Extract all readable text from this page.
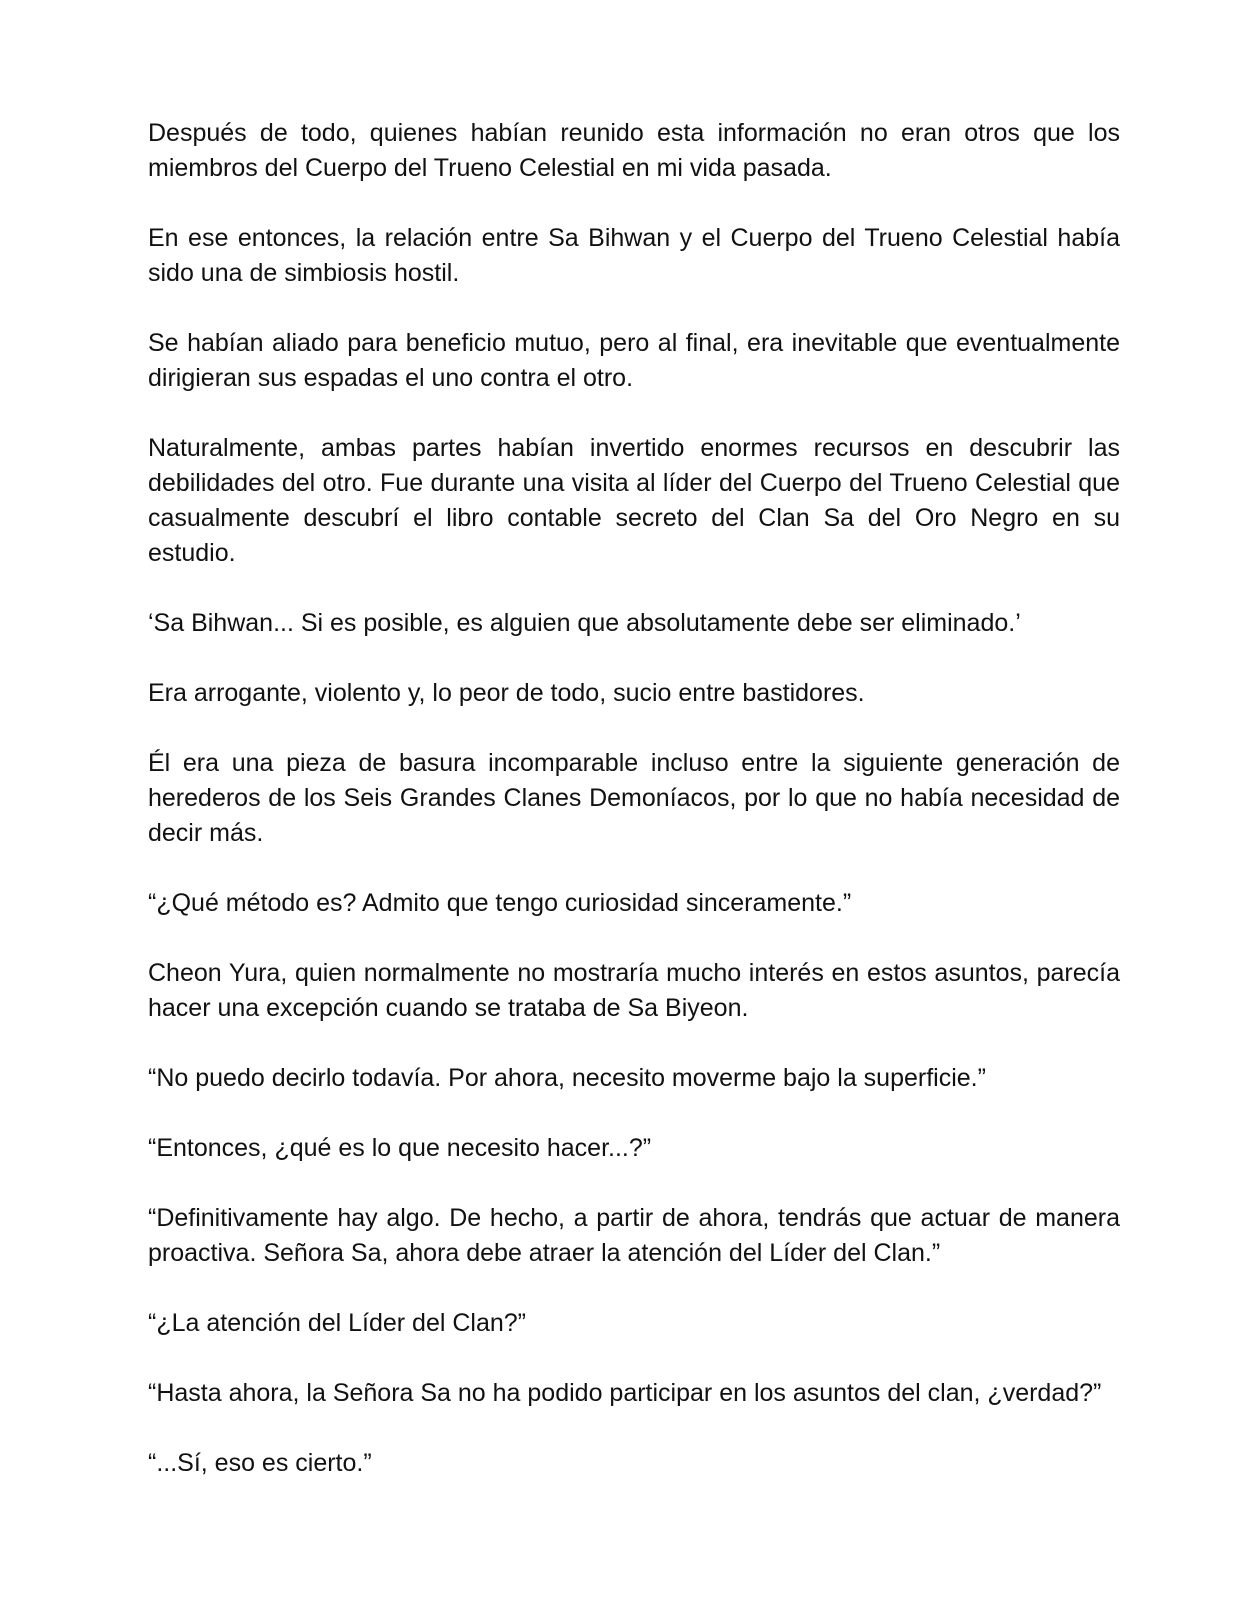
Después de todo, quienes habían reunido esta información no eran otros que los miembros del Cuerpo del Trueno Celestial en mi vida pasada.

En ese entonces, la relación entre Sa Bihwan y el Cuerpo del Trueno Celestial había sido una de simbiosis hostil.

Se habían aliado para beneficio mutuo, pero al final, era inevitable que eventualmente dirigieran sus espadas el uno contra el otro.

Naturalmente, ambas partes habían invertido enormes recursos en descubrir las debilidades del otro. Fue durante una visita al líder del Cuerpo del Trueno Celestial que casualmente descubrí el libro contable secreto del Clan Sa del Oro Negro en su estudio.

‘Sa Bihwan... Si es posible, es alguien que absolutamente debe ser eliminado.’

Era arrogante, violento y, lo peor de todo, sucio entre bastidores.

Él era una pieza de basura incomparable incluso entre la siguiente generación de herederos de los Seis Grandes Clanes Demoníacos, por lo que no había necesidad de decir más.

“¿Qué método es? Admito que tengo curiosidad sinceramente.”

Cheon Yura, quien normalmente no mostraría mucho interés en estos asuntos, parecía hacer una excepción cuando se trataba de Sa Biyeon.

“No puedo decirlo todavía. Por ahora, necesito moverme bajo la superficie.”

“Entonces, ¿qué es lo que necesito hacer...?”

“Definitivamente hay algo. De hecho, a partir de ahora, tendrás que actuar de manera proactiva. Señora Sa, ahora debe atraer la atención del Líder del Clan.”

“¿La atención del Líder del Clan?”

“Hasta ahora, la Señora Sa no ha podido participar en los asuntos del clan, ¿verdad?”

“...Sí, eso es cierto.”
